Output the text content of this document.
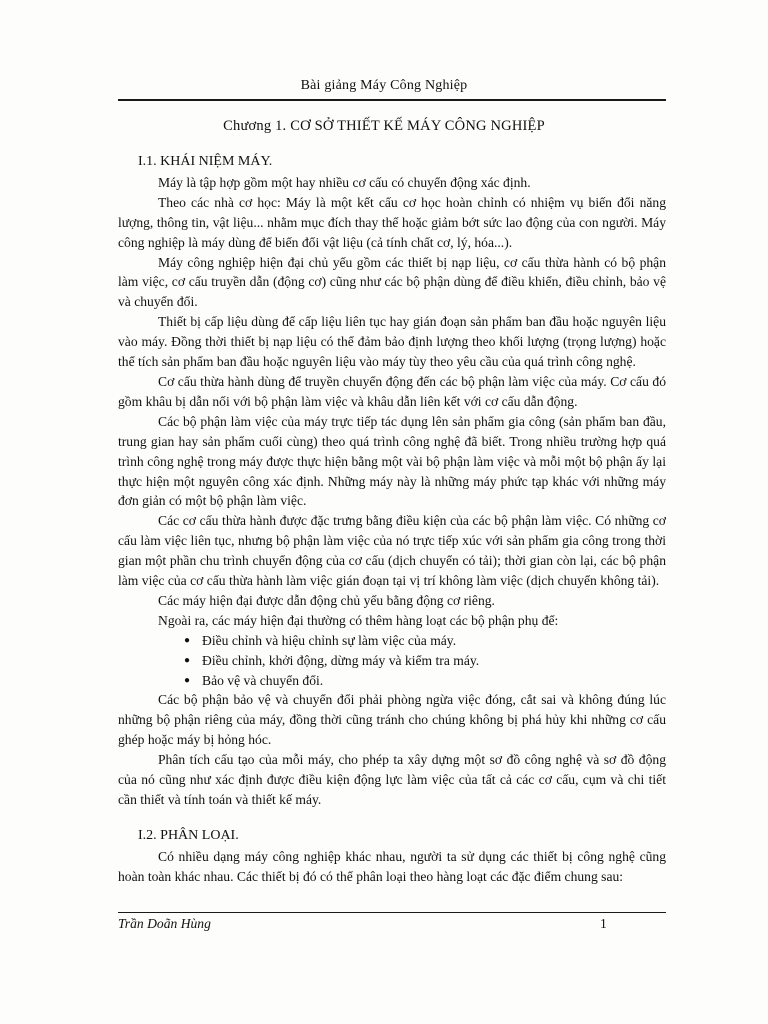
Bài giảng Máy Công Nghiệp
Chương 1. CƠ SỞ THIẾT KẾ MÁY CÔNG NGHIỆP

I.1. KHÁI NIỆM MÁY.

Máy là tập hợp gồm một hay nhiều cơ cấu có chuyển động xác định.

Theo các nhà cơ học: Máy là một kết cấu cơ học hoàn chỉnh có nhiệm vụ biến đổi năng lượng, thông tin, vật liệu... nhằm mục đích thay thế hoặc giảm bớt sức lao động của con người. Máy công nghiệp là máy dùng để biến đổi vật liệu (cả tính chất cơ, lý, hóa...).

Máy công nghiệp hiện đại chủ yếu gồm các thiết bị nạp liệu, cơ cấu thừa hành có bộ phận làm việc, cơ cấu truyền dẫn (động cơ) cũng như các bộ phận dùng để điều khiển, điều chỉnh, bảo vệ và chuyển đổi.

Thiết bị cấp liệu dùng để cấp liệu liên tục hay gián đoạn sản phẩm ban đầu hoặc nguyên liệu vào máy. Đồng thời thiết bị nạp liệu có thể đảm bảo định lượng theo khối lượng (trọng lượng) hoặc thể tích sản phẩm ban đầu hoặc nguyên liệu vào máy tùy theo yêu cầu của quá trình công nghệ.

Cơ cấu thừa hành dùng để truyền chuyển động đến các bộ phận làm việc của máy. Cơ cấu đó gồm khâu bị dẫn nối với bộ phận làm việc và khâu dẫn liên kết với cơ cấu dẫn động.

Các bộ phận làm việc của máy trực tiếp tác dụng lên sản phẩm gia công (sản phẩm ban đầu, trung gian hay sản phẩm cuối cùng) theo quá trình công nghệ đã biết. Trong nhiều trường hợp quá trình công nghệ trong máy được thực hiện bằng một vài bộ phận làm việc và mỗi một bộ phận ấy lại thực hiện một nguyên công xác định. Những máy này là những máy phức tạp khác với những máy đơn giản có một bộ phận làm việc.

Các cơ cấu thừa hành được đặc trưng bằng điều kiện của các bộ phận làm việc. Có những cơ cấu làm việc liên tục, nhưng bộ phận làm việc của nó trực tiếp xúc với sản phẩm gia công trong thời gian một phần chu trình chuyển động của cơ cấu (dịch chuyển có tải); thời gian còn lại, các bộ phận làm việc của cơ cấu thừa hành làm việc gián đoạn tại vị trí không làm việc (dịch chuyển không tải).

Các máy hiện đại được dẫn động chủ yếu bằng động cơ riêng.

Ngoài ra, các máy hiện đại thường có thêm hàng loạt các bộ phận phụ để:

● Điều chỉnh và hiệu chỉnh sự làm việc của máy.
● Điều chỉnh, khởi động, dừng máy và kiểm tra máy.
● Bảo vệ và chuyển đổi.

Các bộ phận bảo vệ và chuyển đổi phải phòng ngừa việc đóng, cắt sai và không đúng lúc những bộ phận riêng của máy, đồng thời cũng tránh cho chúng không bị phá hủy khi những cơ cấu ghép hoặc máy bị hỏng hóc.

Phân tích cấu tạo của mỗi máy, cho phép ta xây dựng một sơ đồ công nghệ và sơ đồ động của nó cũng như xác định được điều kiện động lực làm việc của tất cả các cơ cấu, cụm và chi tiết cần thiết và tính toán và thiết kế máy.

I.2. PHÂN LOẠI.

Có nhiều dạng máy công nghiệp khác nhau, người ta sử dụng các thiết bị công nghệ cũng hoàn toàn khác nhau. Các thiết bị đó có thể phân loại theo hàng loạt các đặc điểm chung sau:

Trần Doãn Hùng	1
